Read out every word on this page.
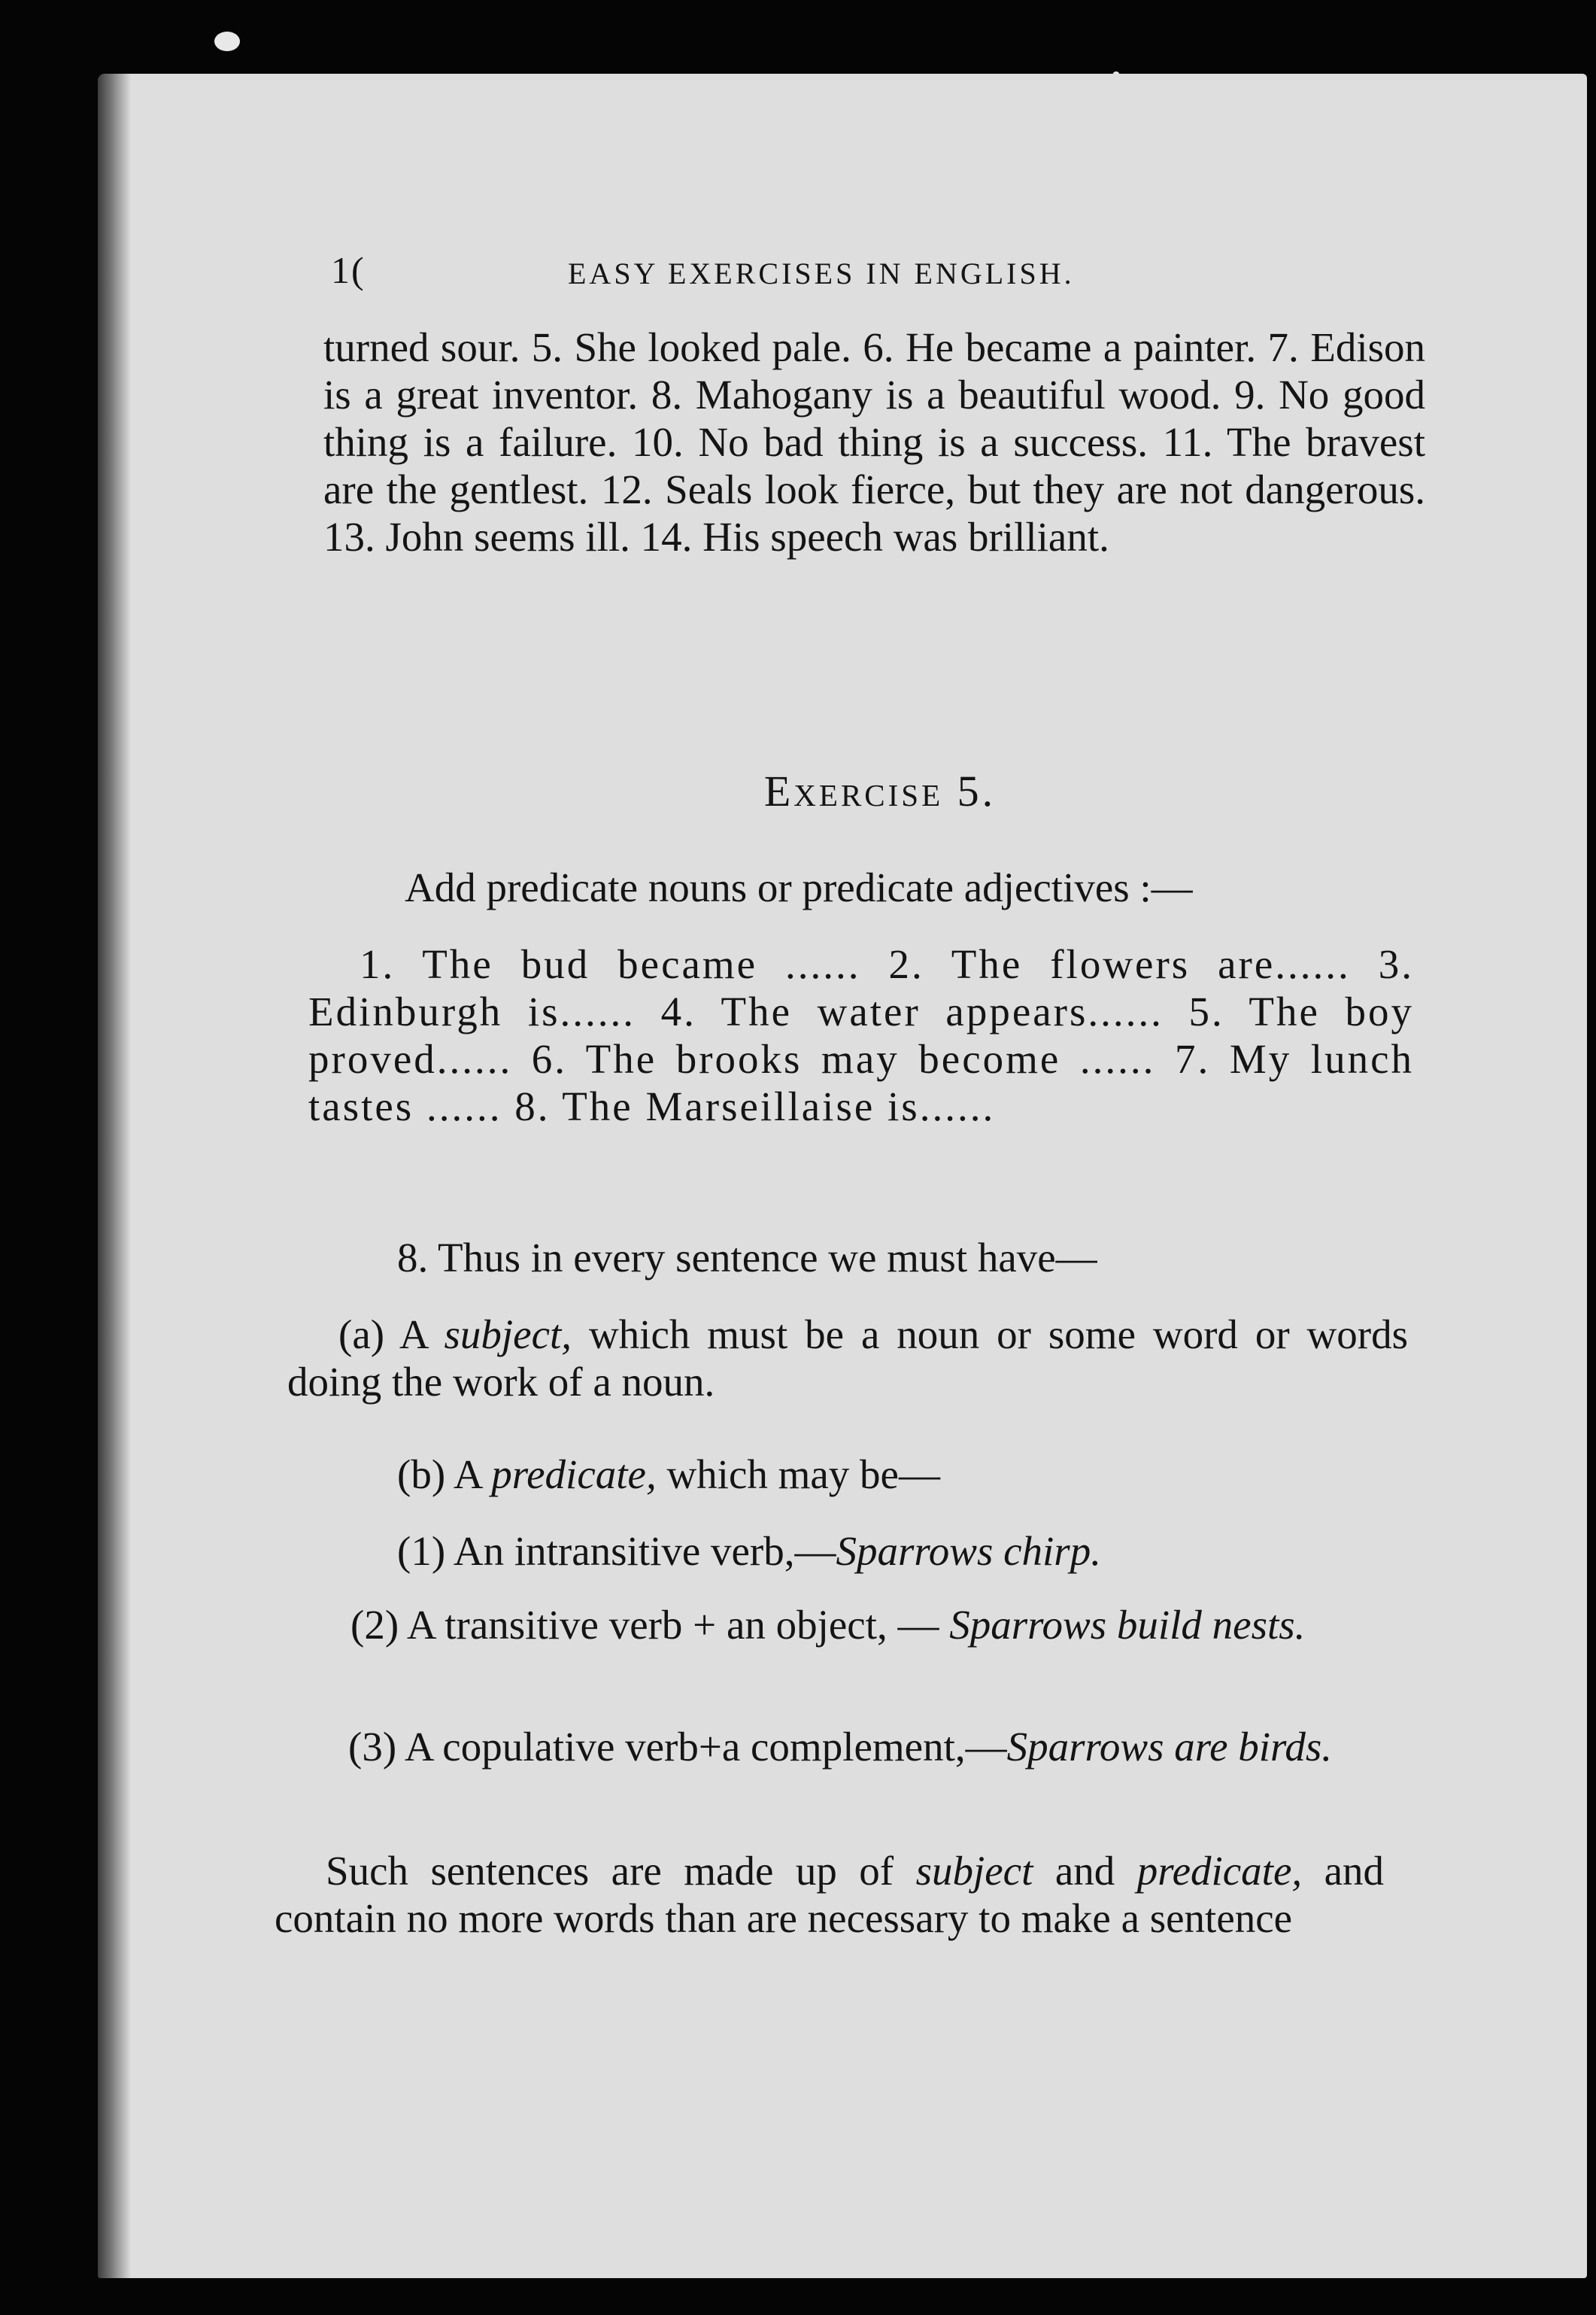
1(	EASY EXERCISES IN ENGLISH.

turned sour. 5. She looked pale. 6. He became a painter. 7. Edison is a great inventor. 8. Mahogany is a beautiful wood. 9. No good thing is a failure. 10. No bad thing is a success. 11. The bravest are the gentlest. 12. Seals look fierce, but they are not dangerous. 13. John seems ill. 14. His speech was brilliant.

Exercise 5.

Add predicate nouns or predicate adjectives :—

1. The bud became ...... 2. The flowers are...... 3. Edinburgh is...... 4. The water appears...... 5. The boy proved...... 6. The brooks may become ...... 7. My lunch tastes ...... 8. The Marseillaise is......

8. Thus in every sentence we must have—

(a) A subject, which must be a noun or some word or words doing the work of a noun.

(b) A predicate, which may be—

(1) An intransitive verb,—Sparrows chirp.

(2) A transitive verb + an object, — Sparrows build nests.

(3) A copulative verb+a complement,—Sparrows are birds.

Such sentences are made up of subject and predicate, and contain no more words than are necessary to make a sentence
